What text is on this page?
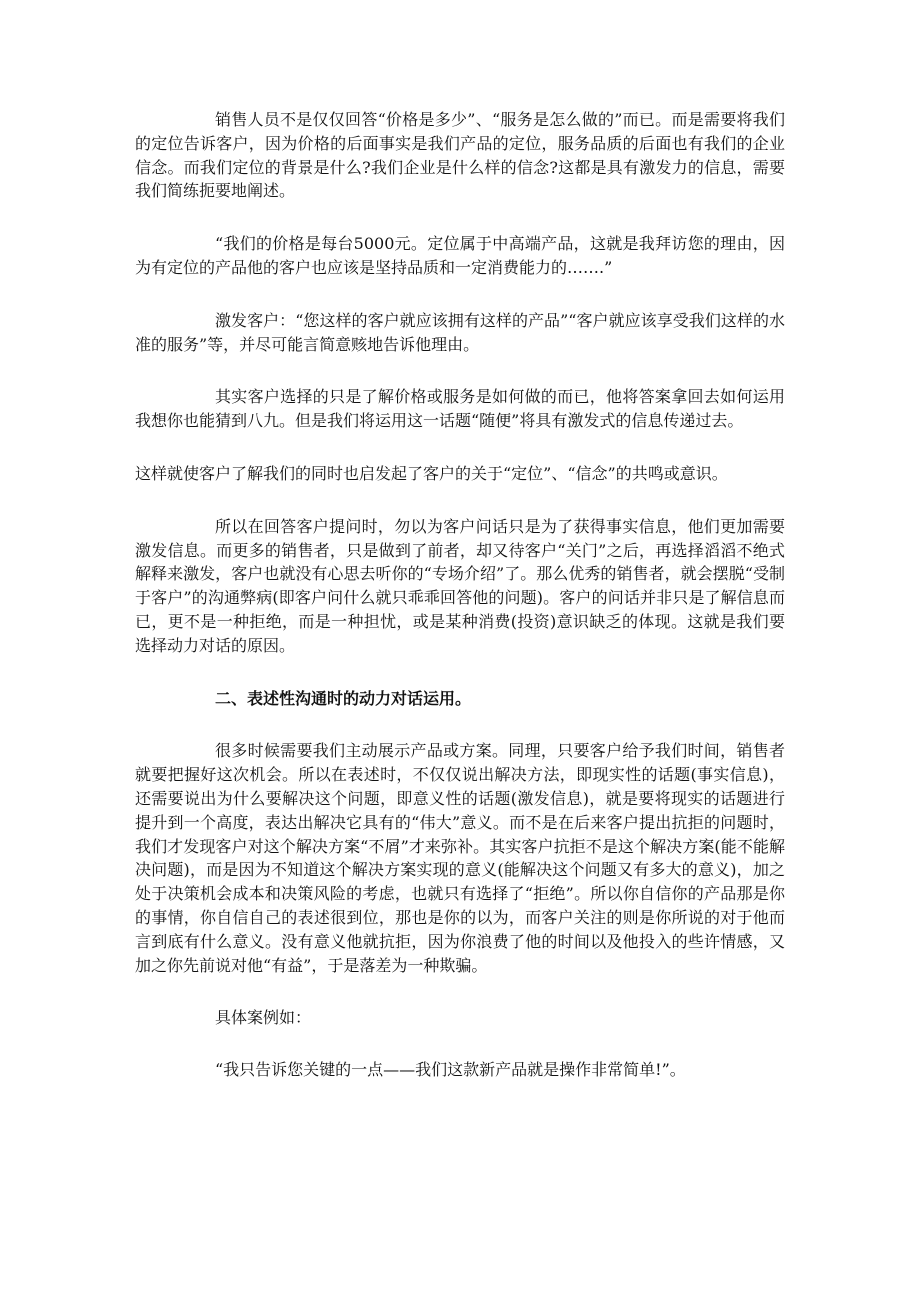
销售人员不是仅仅回答“价格是多少”、“服务是怎么做的”而已。而是需要将我们的定位告诉客户，因为价格的后面事实是我们产品的定位，服务品质的后面也有我们的企业信念。而我们定位的背景是什么?我们企业是什么样的信念?这都是具有激发力的信息，需要我们简练扼要地阐述。

“我们的价格是每台5000元。定位属于中高端产品，这就是我拜访您的理由，因为有定位的产品他的客户也应该是坚持品质和一定消费能力的…….”

激发客户：“您这样的客户就应该拥有这样的产品”“客户就应该享受我们这样的水准的服务”等，并尽可能言简意赅地告诉他理由。

其实客户选择的只是了解价格或服务是如何做的而已，他将答案拿回去如何运用我想你也能猜到八九。但是我们将运用这一话题“随便”将具有激发式的信息传递过去。

这样就使客户了解我们的同时也启发起了客户的关于“定位”、“信念”的共鸣或意识。

所以在回答客户提问时，勿以为客户问话只是为了获得事实信息，他们更加需要激发信息。而更多的销售者，只是做到了前者，却又待客户“关门”之后，再选择滔滔不绝式解释来激发，客户也就没有心思去听你的“专场介绍”了。那么优秀的销售者，就会摆脱“受制于客户”的沟通弊病(即客户问什么就只乖乖回答他的问题)。客户的问话并非只是了解信息而已，更不是一种拒绝，而是一种担忧，或是某种消费(投资)意识缺乏的体现。这就是我们要选择动力对话的原因。

二、表述性沟通时的动力对话运用。

很多时候需要我们主动展示产品或方案。同理，只要客户给予我们时间，销售者就要把握好这次机会。所以在表述时，不仅仅说出解决方法，即现实性的话题(事实信息)，还需要说出为什么要解决这个问题，即意义性的话题(激发信息)，就是要将现实的话题进行提升到一个高度，表达出解决它具有的“伟大”意义。而不是在后来客户提出抗拒的问题时，我们才发现客户对这个解决方案“不屑”才来弥补。其实客户抗拒不是这个解决方案(能不能解决问题)，而是因为不知道这个解决方案实现的意义(能解决这个问题又有多大的意义)，加之处于决策机会成本和决策风险的考虑，也就只有选择了“拒绝”。所以你自信你的产品那是你的事情，你自信自己的表述很到位，那也是你的以为，而客户关注的则是你所说的对于他而言到底有什么意义。没有意义他就抗拒，因为你浪费了他的时间以及他投入的些许情感，又加之你先前说对他“有益”，于是落差为一种欺骗。

具体案例如：

“我只告诉您关键的一点——我们这款新产品就是操作非常简单!”。
